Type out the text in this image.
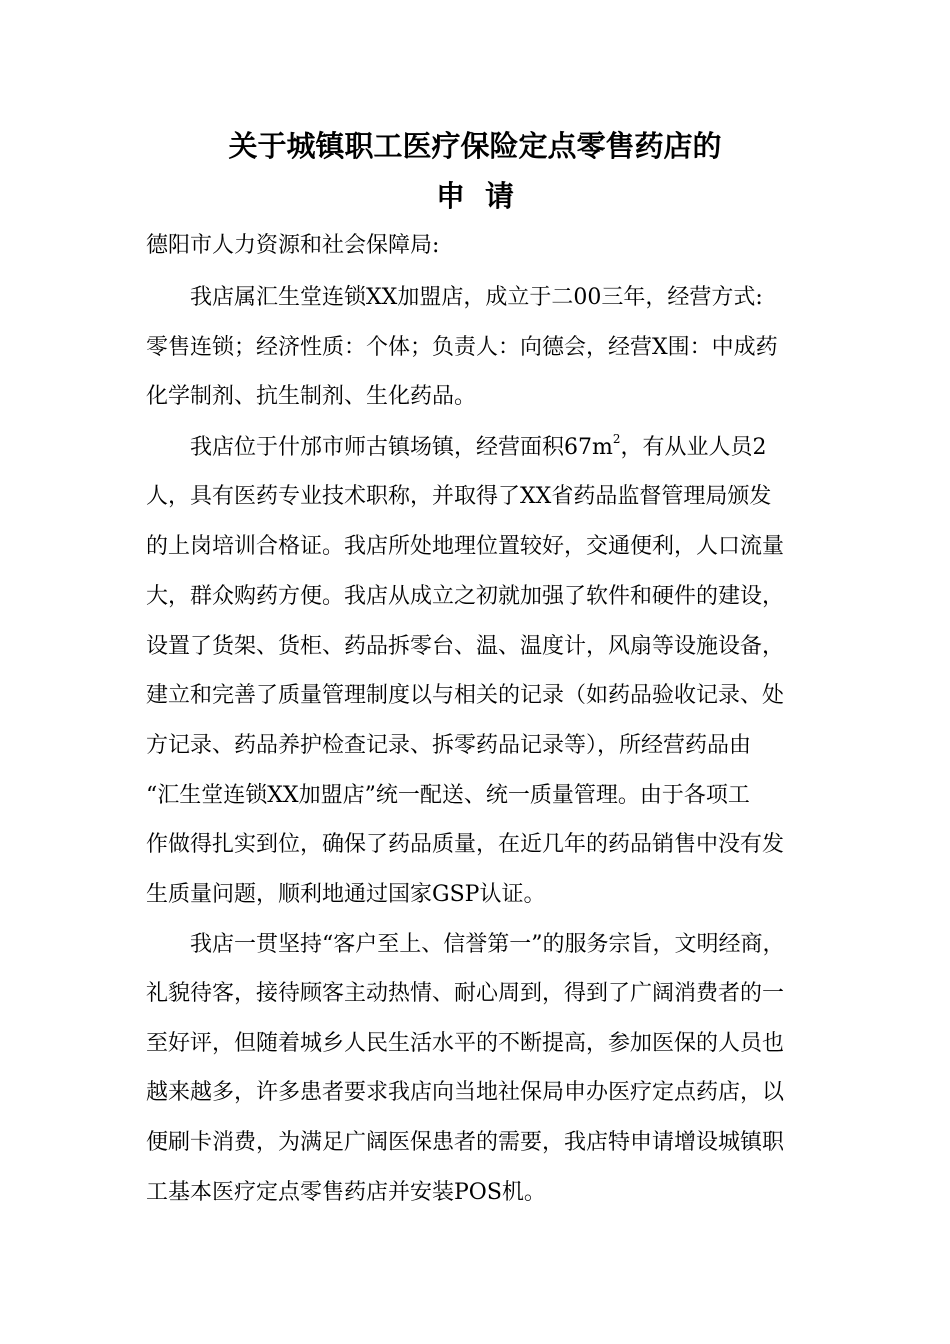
关于城镇职工医疗保险定点零售药店的
申请
德阳市人力资源和社会保障局:
我店属汇生堂连锁XX加盟店，成立于二00三年，经营方式:
零售连锁；经济性质：个体；负责人：向德会，经营X围：中成药
化学制剂、抗生制剂、生化药品。
我店位于什邡市师古镇场镇，经营面积$67m^2$，有从业人员2
人，具有医药专业技术职称，并取得了XX省药品监督管理局颁发
的上岗培训合格证。我店所处地理位置较好，交通便利，人口流量
大，群众购药方便。我店从成立之初就加强了软件和硬件的建设，
设置了货架、货柜、药品拆零台、温、温度计，风扇等设施设备，
建立和完善了质量管理制度以与相关的记录（如药品验收记录、处
方记录、药品养护检查记录、拆零药品记录等），所经营药品由
“汇生堂连锁XX加盟店”统一配送、统一质量管理。由于各项工
作做得扎实到位，确保了药品质量，在近几年的药品销售中没有发
生质量问题，顺利地通过国家GSP认证。
我店一贯坚持“客户至上、信誉第一”的服务宗旨，文明经商，
礼貌待客，接待顾客主动热情、耐心周到，得到了广阔消费者的一
至好评，但随着城乡人民生活水平的不断提高，参加医保的人员也
越来越多，许多患者要求我店向当地社保局申办医疗定点药店，以
便刷卡消费，为满足广阔医保患者的需要，我店特申请增设城镇职
工基本医疗定点零售药店并安装POS机。
